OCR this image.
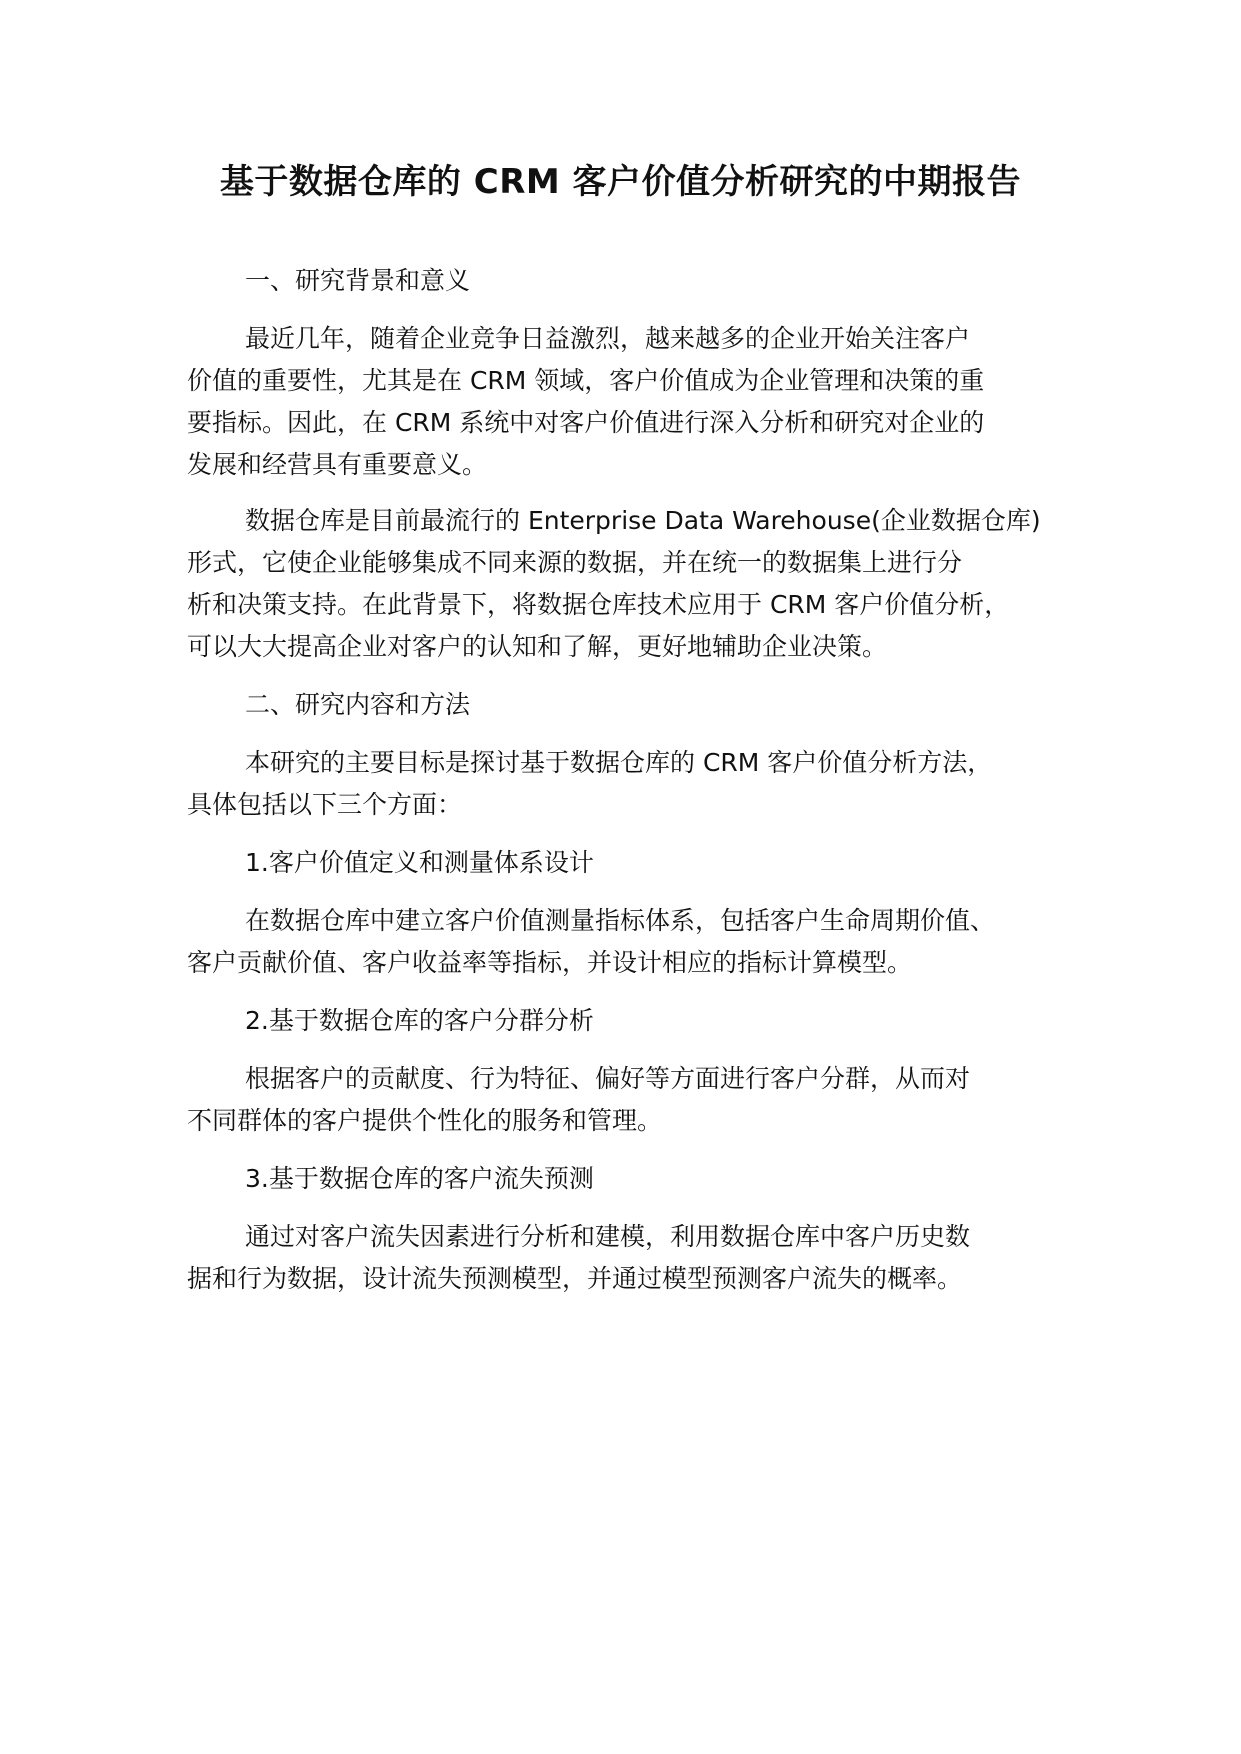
基于数据仓库的 CRM 客户价值分析研究的中期报告
一、研究背景和意义
最近几年，随着企业竞争日益激烈，越来越多的企业开始关注客户
价值的重要性，尤其是在 CRM 领域，客户价值成为企业管理和决策的重
要指标。因此，在 CRM 系统中对客户价值进行深入分析和研究对企业的
发展和经营具有重要意义。
数据仓库是目前最流行的 Enterprise Data Warehouse(企业数据仓库)
形式，它使企业能够集成不同来源的数据，并在统一的数据集上进行分
析和决策支持。在此背景下，将数据仓库技术应用于 CRM 客户价值分析，
可以大大提高企业对客户的认知和了解，更好地辅助企业决策。
二、研究内容和方法
本研究的主要目标是探讨基于数据仓库的 CRM 客户价值分析方法，
具体包括以下三个方面：
1.客户价值定义和测量体系设计
在数据仓库中建立客户价值测量指标体系，包括客户生命周期价值、
客户贡献价值、客户收益率等指标，并设计相应的指标计算模型。
2.基于数据仓库的客户分群分析
根据客户的贡献度、行为特征、偏好等方面进行客户分群，从而对
不同群体的客户提供个性化的服务和管理。
3.基于数据仓库的客户流失预测
通过对客户流失因素进行分析和建模，利用数据仓库中客户历史数
据和行为数据，设计流失预测模型，并通过模型预测客户流失的概率。
